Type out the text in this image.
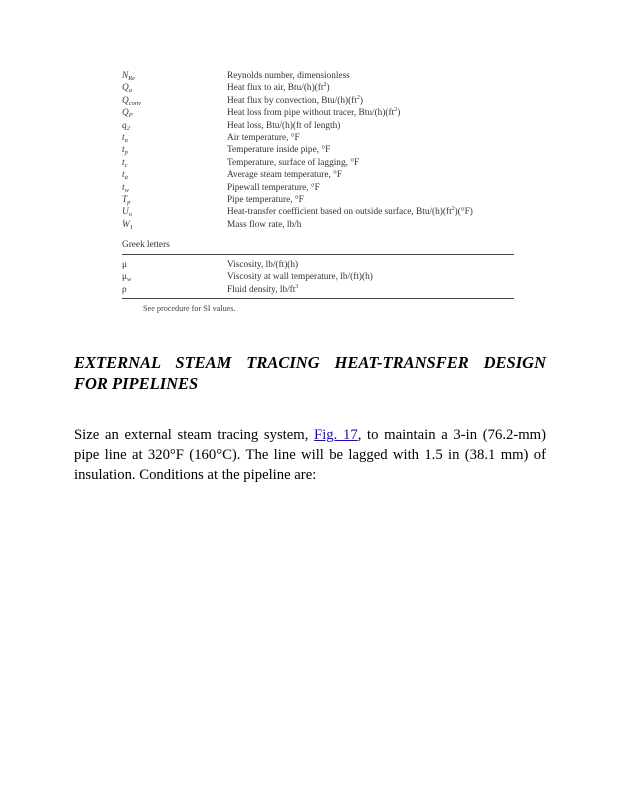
$N_{Re}$	Reynolds number, dimensionless
$Q_a$	Heat flux to air, Btu/$(h)(ft^2)$
$Q_{conv}$	Heat flux by convection, Btu/$(h)(ft^2)$
$Q_P$	Heat loss from pipe without tracer, Btu/$(h)(ft^2)$
$q_2$	Heat loss, Btu/(h)(ft of length)
$t_a$	Air temperature, °F
$t_p$	Temperature inside pipe, °F
$t_c$	Temperature, surface of lagging, °F
$t_a$	Average steam temperature, °F
$t_w$	Pipewall temperature, °F
$T_p$	Pipe temperature, °F
$U_o$	Heat-transfer coefficient based on outside surface, Btu/$(h)(ft^2)(^\circ F)$
$W_1$	Mass flow rate, lb/h
Greek letters
μ	Viscosity, lb/(ft)(h)
$\mu_w$	Viscosity at wall temperature, lb/(ft)(h)
ρ	Fluid density, $lb/ft^3$
See procedure for SI values.
EXTERNAL STEAM TRACING HEAT-TRANSFER DESIGN
FOR PIPELINES
Size an external steam tracing system, Fig. 17, to maintain a 3-in (76.2-mm)
pipe line at 320°F (160°C). The line will be lagged with 1.5 in (38.1 mm) of
insulation. Conditions at the pipeline are:
